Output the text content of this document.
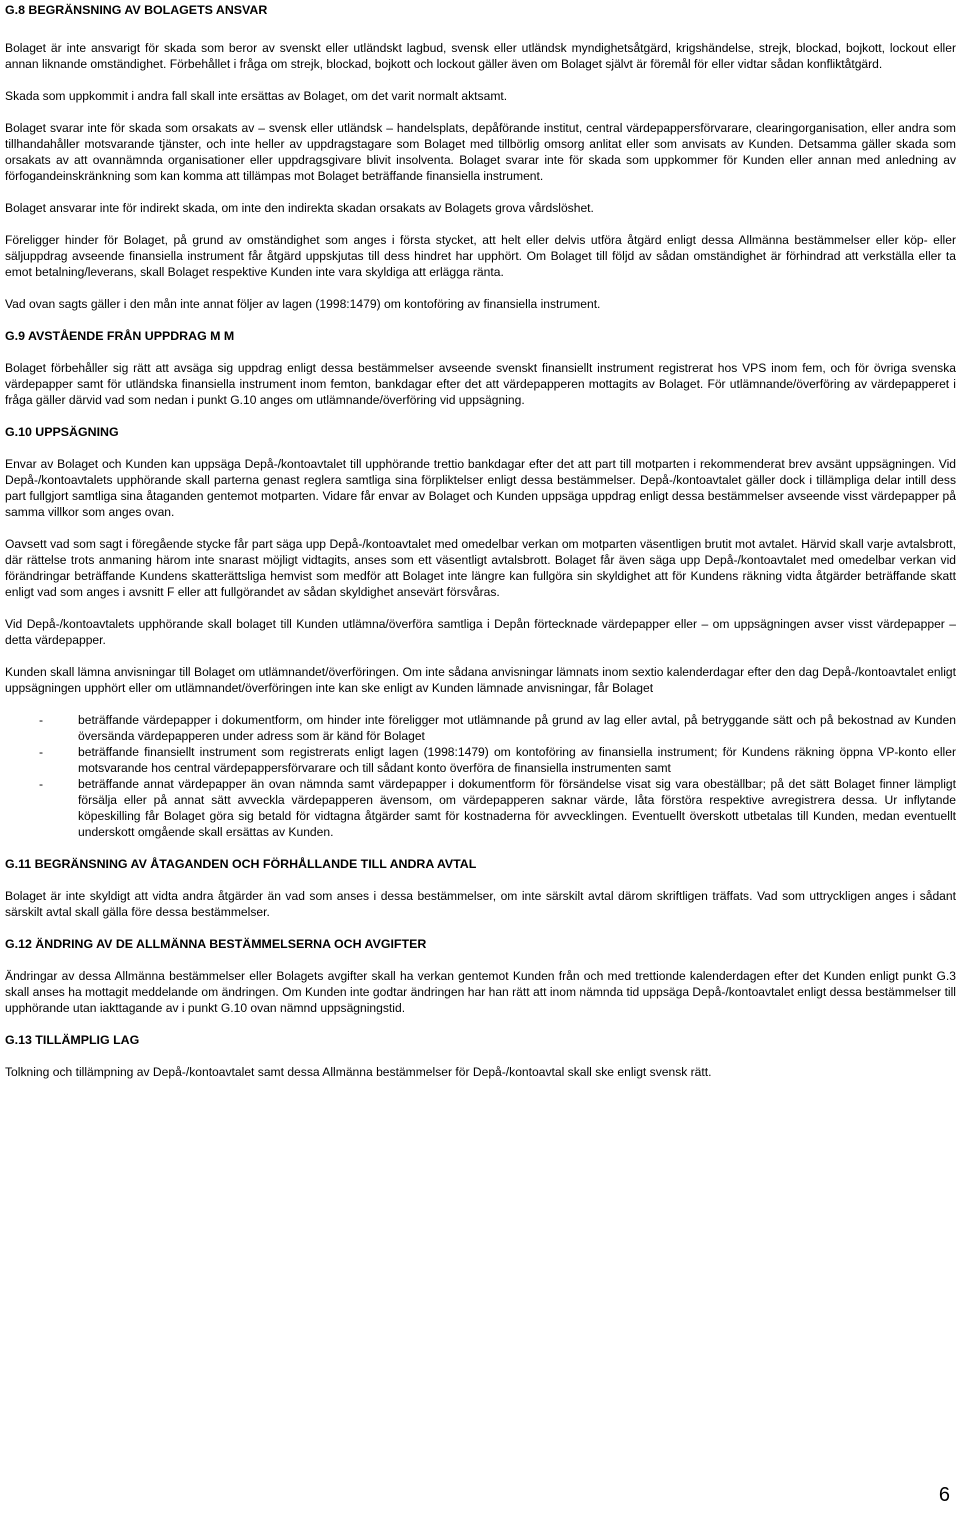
G.8 BEGRÄNSNING AV BOLAGETS ANSVAR

Bolaget är inte ansvarigt för skada som beror av svenskt eller utländskt lagbud, svensk eller utländsk myndighetsåtgärd, krigshändelse, strejk, blockad, bojkott, lockout eller annan liknande omständighet. Förbehållet i fråga om strejk, blockad, bojkott och lockout gäller även om Bolaget självt är föremål för eller vidtar sådan konfliktåtgärd.

Skada som uppkommit i andra fall skall inte ersättas av Bolaget, om det varit normalt aktsamt.

Bolaget svarar inte för skada som orsakats av – svensk eller utländsk – handelsplats, depåförande institut, central värdepappersförvarare, clearingorganisation, eller andra som tillhandahåller motsvarande tjänster, och inte heller av uppdragstagare som Bolaget med tillbörlig omsorg anlitat eller som anvisats av Kunden. Detsamma gäller skada som orsakats av att ovannämnda organisationer eller uppdragsgivare blivit insolventa. Bolaget svarar inte för skada som uppkommer för Kunden eller annan med anledning av förfogandeinskränkning som kan komma att tillämpas mot Bolaget beträffande finansiella instrument.

Bolaget ansvarar inte för indirekt skada, om inte den indirekta skadan orsakats av Bolagets grova vårdslöshet.

Föreligger hinder för Bolaget, på grund av omständighet som anges i första stycket, att helt eller delvis utföra åtgärd enligt dessa Allmänna bestämmelser eller köp- eller säljuppdrag avseende finansiella instrument får åtgärd uppskjutas till dess hindret har upphört. Om Bolaget till följd av sådan omständighet är förhindrad att verkställa eller ta emot betalning/leverans, skall Bolaget respektive Kunden inte vara skyldiga att erlägga ränta.

Vad ovan sagts gäller i den mån inte annat följer av lagen (1998:1479) om kontoföring av finansiella instrument.

G.9 AVSTÅENDE FRÅN UPPDRAG M M

Bolaget förbehåller sig rätt att avsäga sig uppdrag enligt dessa bestämmelser avseende svenskt finansiellt instrument registrerat hos VPS inom fem, och för övriga svenska värdepapper samt för utländska finansiella instrument inom femton, bankdagar efter det att värdepapperen mottagits av Bolaget. För utlämnande/överföring av värdepapperet i fråga gäller därvid vad som nedan i punkt G.10 anges om utlämnande/överföring vid uppsägning.

G.10 UPPSÄGNING

Envar av Bolaget och Kunden kan uppsäga Depå-/kontoavtalet till upphörande trettio bankdagar efter det att part till motparten i rekommenderat brev avsänt uppsägningen. Vid Depå-/kontoavtalets upphörande skall parterna genast reglera samtliga sina förpliktelser enligt dessa bestämmelser. Depå-/kontoavtalet gäller dock i tillämpliga delar intill dess part fullgjort samtliga sina åtaganden gentemot motparten. Vidare får envar av Bolaget och Kunden uppsäga uppdrag enligt dessa bestämmelser avseende visst värdepapper på samma villkor som anges ovan.

Oavsett vad som sagt i föregående stycke får part säga upp Depå-/kontoavtalet med omedelbar verkan om motparten väsentligen brutit mot avtalet. Härvid skall varje avtalsbrott, där rättelse trots anmaning härom inte snarast möjligt vidtagits, anses som ett väsentligt avtalsbrott. Bolaget får även säga upp Depå-/kontoavtalet med omedelbar verkan vid förändringar beträffande Kundens skatterättsliga hemvist som medför att Bolaget inte längre kan fullgöra sin skyldighet att för Kundens räkning vidta åtgärder beträffande skatt enligt vad som anges i avsnitt F eller att fullgörandet av sådan skyldighet ansevärt försvåras.

Vid Depå-/kontoavtalets upphörande skall bolaget till Kunden utlämna/överföra samtliga i Depån förtecknade värdepapper eller – om uppsägningen avser visst värdepapper – detta värdepapper.

Kunden skall lämna anvisningar till Bolaget om utlämnandet/överföringen. Om inte sådana anvisningar lämnats inom sextio kalenderdagar efter den dag Depå-/kontoavtalet enligt uppsägningen upphört eller om utlämnandet/överföringen inte kan ske enligt av Kunden lämnade anvisningar, får Bolaget

-	beträffande värdepapper i dokumentform, om hinder inte föreligger mot utlämnande på grund av lag eller avtal, på betryggande sätt och på bekostnad av Kunden översända värdepapperen under adress som är känd för Bolaget
-	beträffande finansiellt instrument som registrerats enligt lagen (1998:1479) om kontoföring av finansiella instrument; för Kundens räkning öppna VP-konto eller motsvarande hos central värdepappersförvarare och till sådant konto överföra de finansiella instrumenten samt
-	beträffande annat värdepapper än ovan nämnda samt värdepapper i dokumentform för försändelse visat sig vara obeställbar; på det sätt Bolaget finner lämpligt försälja eller på annat sätt avveckla värdepapperen ävensom, om värdepapperen saknar värde, låta förstöra respektive avregistrera dessa. Ur inflytande köpeskilling får Bolaget göra sig betald för vidtagna åtgärder samt för kostnaderna för avvecklingen. Eventuellt överskott utbetalas till Kunden, medan eventuellt underskott omgående skall ersättas av Kunden.
G.11 BEGRÄNSNING AV ÅTAGANDEN OCH FÖRHÅLLANDE TILL ANDRA AVTAL

Bolaget är inte skyldigt att vidta andra åtgärder än vad som anses i dessa bestämmelser, om inte särskilt avtal därom skriftligen träffats. Vad som uttryckligen anges i sådant särskilt avtal skall gälla före dessa bestämmelser.

G.12 ÄNDRING AV DE ALLMÄNNA BESTÄMMELSERNA OCH AVGIFTER

Ändringar av dessa Allmänna bestämmelser eller Bolagets avgifter skall ha verkan gentemot Kunden från och med trettionde kalenderdagen efter det Kunden enligt punkt G.3 skall anses ha mottagit meddelande om ändringen. Om Kunden inte godtar ändringen har han rätt att inom nämnda tid uppsäga Depå-/kontoavtalet enligt dessa bestämmelser till upphörande utan iakttagande av i punkt G.10 ovan nämnd uppsägningstid.

G.13 TILLÄMPLIG LAG

Tolkning och tillämpning av Depå-/kontoavtalet samt dessa Allmänna bestämmelser för Depå-/kontoavtal skall ske enligt svensk rätt.

6
